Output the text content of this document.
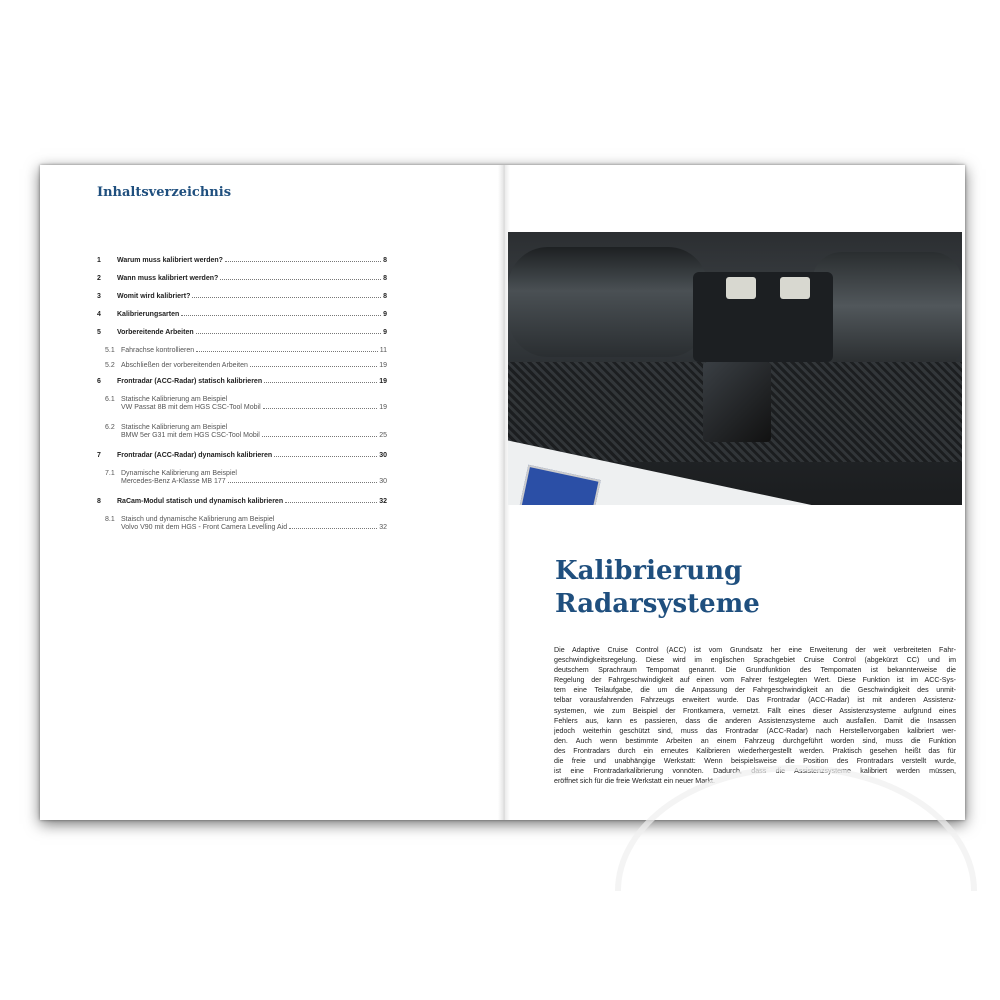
Inhaltsverzeichnis
1	Warum muss kalibriert werden?	8
2	Wann muss kalibriert werden?	8
3	Womit wird kalibriert?	8
4	Kalibrierungsarten	9
5	Vorbereitende Arbeiten	9
5.1 Fahrachse kontrollieren	11
5.2 Abschließen der vorbereitenden Arbeiten	19
6	Frontradar (ACC-Radar) statisch kalibrieren	19
6.1 Statische Kalibrierung am Beispiel
VW Passat 8B mit dem HGS CSC-Tool Mobil	19
6.2 Statische Kalibrierung am Beispiel
BMW 5er G31 mit dem HGS CSC-Tool Mobil	25
7	Frontradar (ACC-Radar) dynamisch kalibrieren	30
7.1 Dynamische Kalibrierung am Beispiel
Mercedes-Benz A-Klasse MB 177	30
8	RaCam-Modul statisch und dynamisch kalibrieren	32
8.1 Staisch und dynamische Kalibrierung am Beispiel
Volvo V90 mit dem HGS - Front Camera Levelling Aid	32
Kalibrierung
Radarsysteme
Die Adaptive Cruise Control (ACC) ist vom Grundsatz her eine Erweiterung der weit verbreiteten Fahr-
geschwindigkeitsregelung. Diese wird im englischen Sprachgebiet Cruise Control (abgekürzt CC) und im
deutschem Sprachraum Tempomat genannt. Die Grundfunktion des Tempomaten ist bekannterweise die
Regelung der Fahrgeschwindigkeit auf einen vom Fahrer festgelegten Wert. Diese Funktion ist im ACC-Sys-
tem eine Teilaufgabe, die um die Anpassung der Fahrgeschwindigkeit an die Geschwindigkeit des unmit-
telbar vorausfahrenden Fahrzeugs erweitert wurde. Das Frontradar (ACC-Radar) ist mit anderen Assistenz-
systemen, wie zum Beispiel der Frontkamera, vernetzt. Fällt eines dieser Assistenzsysteme aufgrund eines
Fehlers aus, kann es passieren, dass die anderen Assistenzsysteme auch ausfallen. Damit die Insassen
jedoch weiterhin geschützt sind, muss das Frontradar (ACC-Radar) nach Herstellervorgaben kalibriert wer-
den. Auch wenn bestimmte Arbeiten an einem Fahrzeug durchgeführt worden sind, muss die Funktion
des Frontradars durch ein erneutes Kalibrieren wiederhergestellt werden. Praktisch gesehen heißt das für
die freie und unabhängige Werkstatt: Wenn beispielsweise die Position des Frontradars verstellt wurde,
ist eine Frontradarkalibrierung vonnöten. Dadurch, dass die Assistenzsysteme kalibriert werden müssen,
eröffnet sich für die freie Werkstatt ein neuer Markt.
